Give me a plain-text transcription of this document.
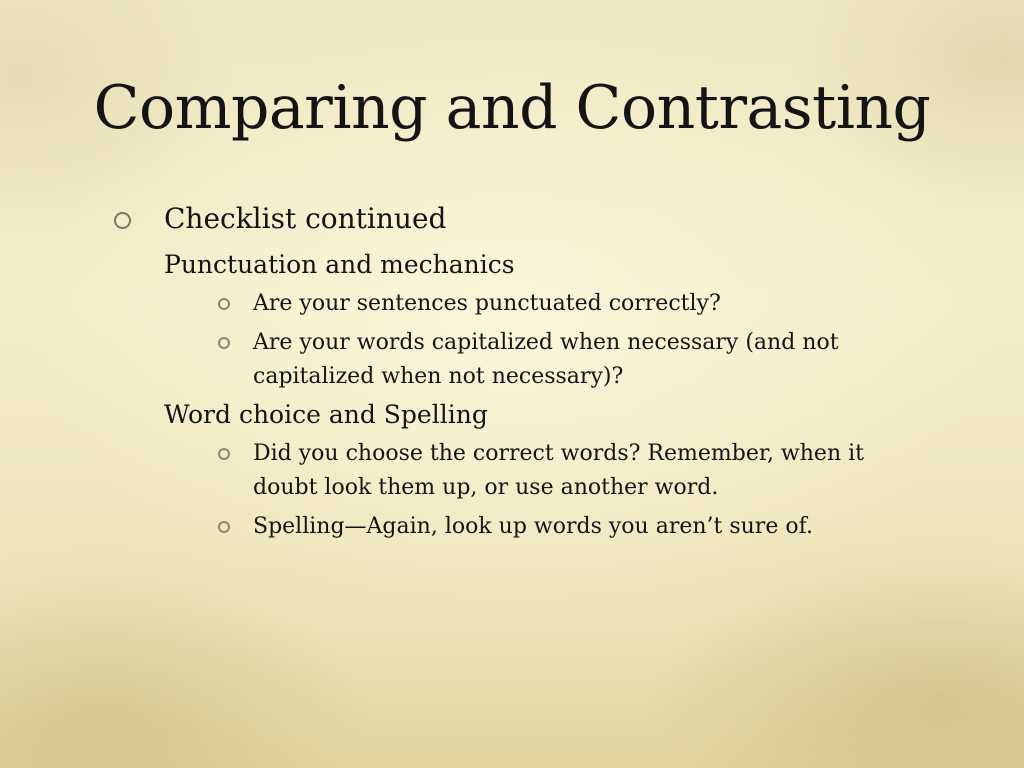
Comparing and Contrasting
Checklist continued
Punctuation and mechanics
Are your sentences punctuated correctly?
Are your words capitalized when necessary (and not capitalized when not necessary)?
Word choice and Spelling
Did you choose the correct words? Remember, when it doubt look them up, or use another word.
Spelling—Again, look up words you aren’t sure of.
